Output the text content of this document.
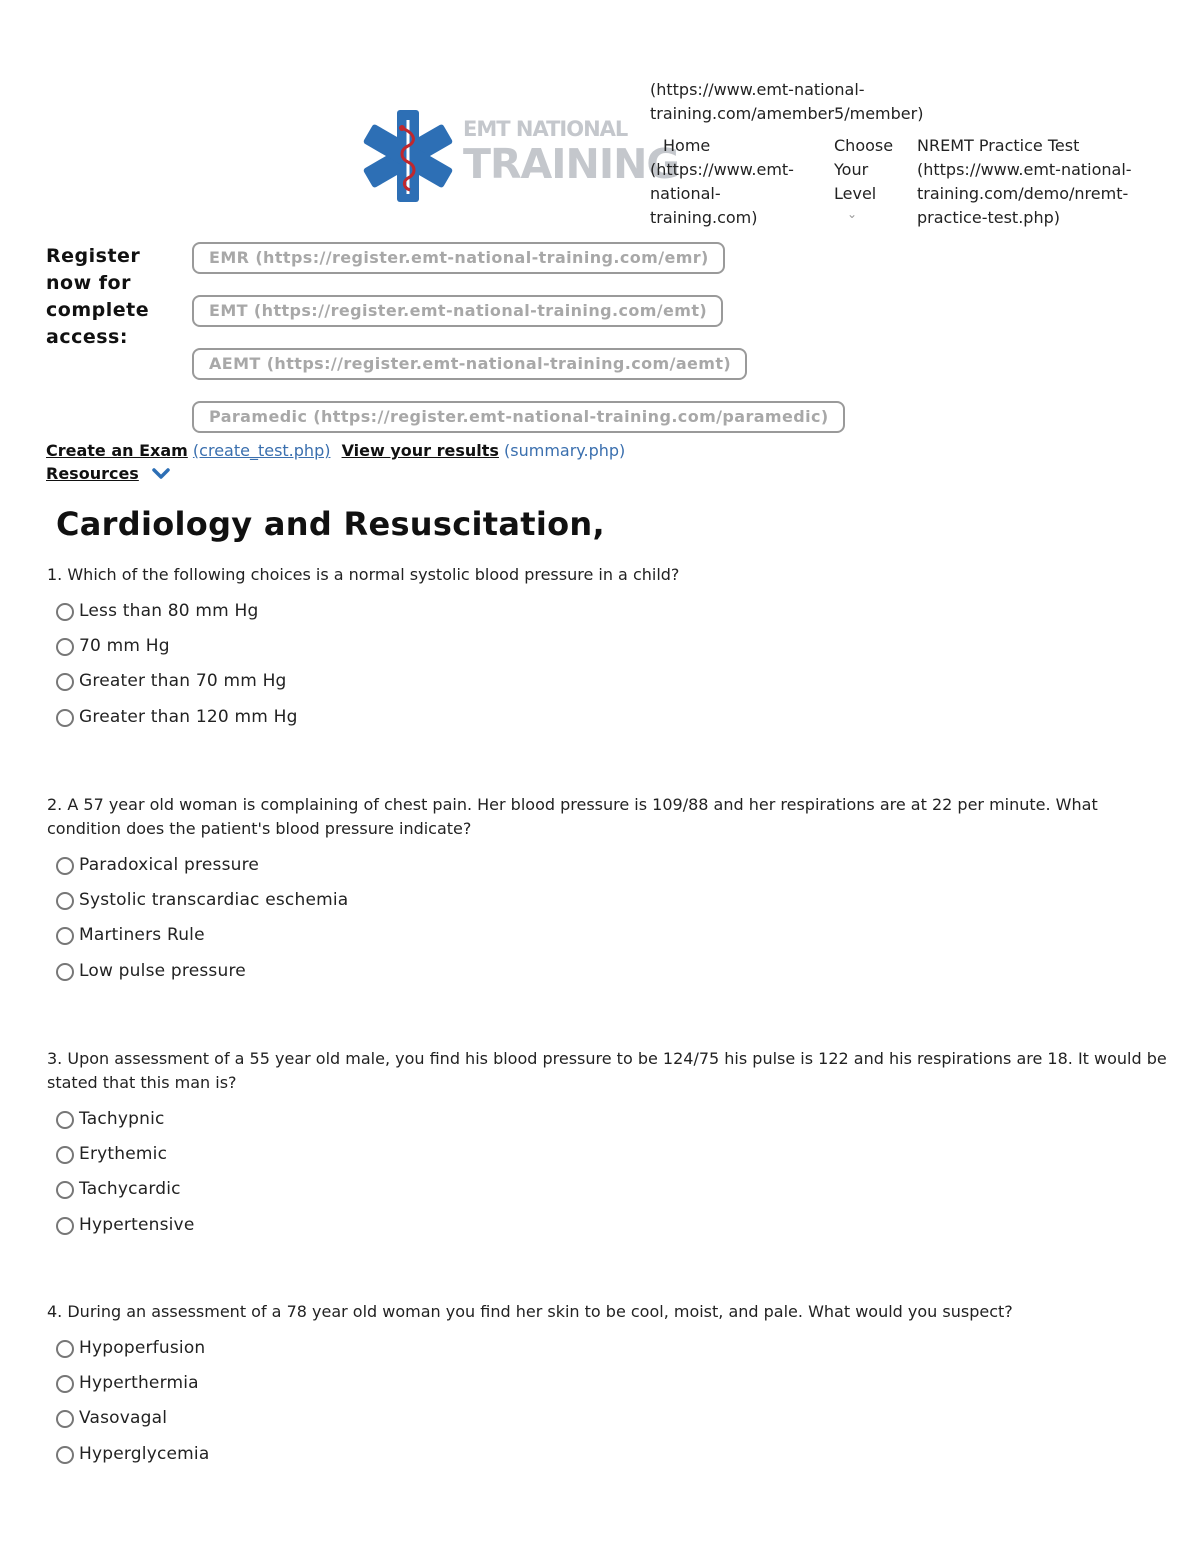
EMT NATIONAL
TRAINING
(https://www.emt-national-training.com/amember5/member)
Home
(https://www.emt-national-training.com)
Choose Your Level
⌄
NREMT Practice Test
(https://www.emt-national-training.com/demo/nremt-practice-test.php)
Register now for complete access:
EMR (https://register.emt-national-training.com/emr)
EMT (https://register.emt-national-training.com/emt)
AEMT (https://register.emt-national-training.com/aemt)
Paramedic (https://register.emt-national-training.com/paramedic)
Create an Exam (create_test.php) View your results (summary.php)
Resources
Cardiology and Resuscitation,

1. Which of the following choices is a normal systolic blood pressure in a child?

Less than 80 mm Hg
70 mm Hg
Greater than 70 mm Hg
Greater than 120 mm Hg

2. A 57 year old woman is complaining of chest pain. Her blood pressure is 109/88 and her respirations are at 22 per minute. What condition does the patient's blood pressure indicate?

Paradoxical pressure
Systolic transcardiac eschemia
Martiners Rule
Low pulse pressure

3. Upon assessment of a 55 year old male, you find his blood pressure to be 124/75 his pulse is 122 and his respirations are 18. It would be stated that this man is?

Tachypnic
Erythemic
Tachycardic
Hypertensive

4. During an assessment of a 78 year old woman you find her skin to be cool, moist, and pale. What would you suspect?

Hypoperfusion
Hyperthermia
Vasovagal
Hyperglycemia
